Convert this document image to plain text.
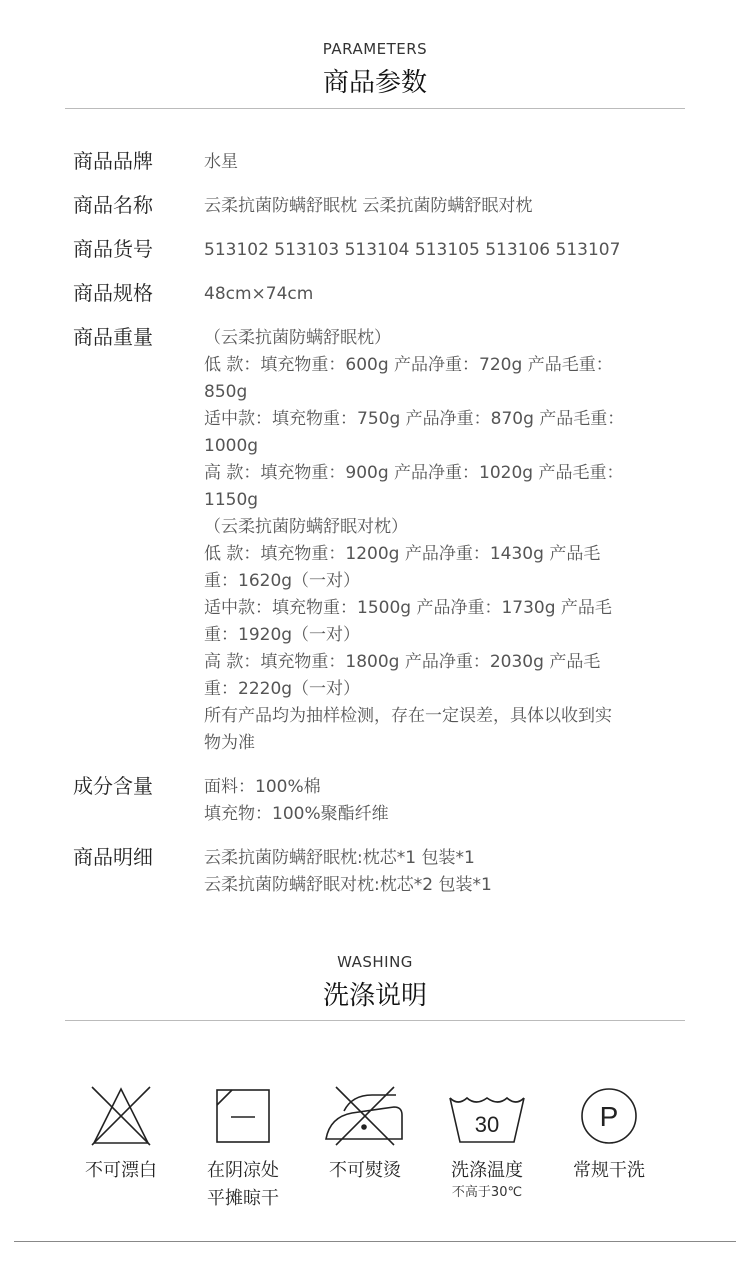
PARAMETERS
商品参数
商品品牌	水星
商品名称	云柔抗菌防螨舒眠枕 云柔抗菌防螨舒眠对枕
商品货号	513102 513103 513104 513105 513106 513107
商品规格	48cm×74cm
商品重量	（云柔抗菌防螨舒眠枕）
低 款：填充物重：600g 产品净重：720g 产品毛重：
850g
适中款：填充物重：750g 产品净重：870g 产品毛重：
1000g
高 款：填充物重：900g 产品净重：1020g 产品毛重：
1150g
（云柔抗菌防螨舒眠对枕）
低 款：填充物重：1200g 产品净重：1430g 产品毛
重：1620g（一对）
适中款：填充物重：1500g 产品净重：1730g 产品毛
重：1920g（一对）
高 款：填充物重：1800g 产品净重：2030g 产品毛
重：2220g（一对）
所有产品均为抽样检测，存在一定误差，具体以收到实
物为准
成分含量	面料：100%棉
填充物：100%聚酯纤维
商品明细	云柔抗菌防螨舒眠枕:枕芯*1 包装*1
云柔抗菌防螨舒眠对枕:枕芯*2 包装*1
WASHING
洗涤说明
不可漂白	在阴凉处
平摊晾干
不可熨烫
30
洗涤温度
不高于30℃
P
常规干洗
